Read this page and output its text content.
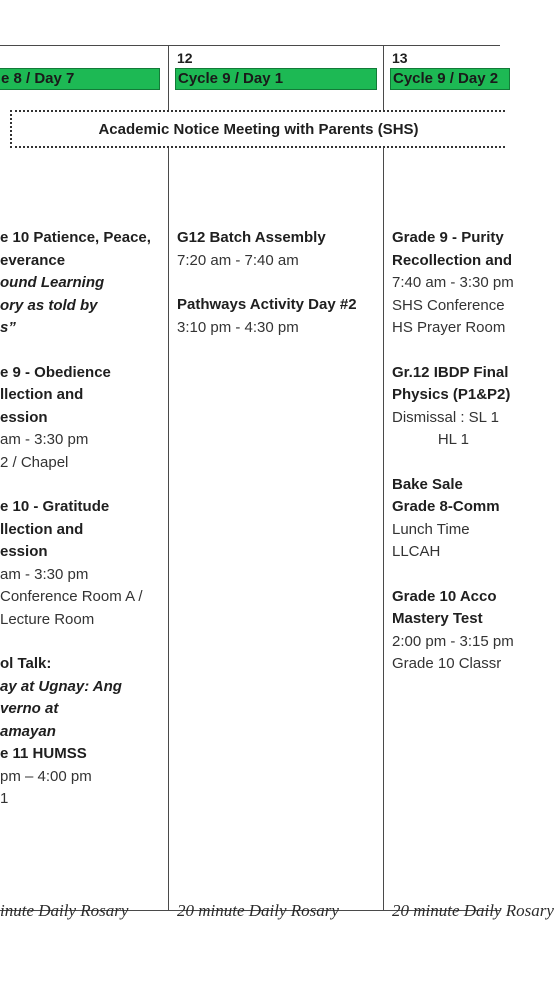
e 8 / Day 7
e 10 Patience, Peace,
everance
ound Learning
ory as told by
s”
e 9 - Obedience
llection and
ession
am - 3:30 pm
2 / Chapel
e 10 - Gratitude
llection and
ession
am - 3:30 pm
Conference Room A /
Lecture Room
ol Talk:
ay at Ugnay: Ang
verno at
amayan
e 11 HUMSS
pm – 4:00 pm
1
inute Daily Rosary
12
Cycle 9 / Day 1
G12 Batch Assembly
7:20 am - 7:40 am
Pathways Activity Day #2
3:10 pm - 4:30 pm
20 minute Daily Rosary
13
Cycle 9 / Day 2
Grade 9 - Purity
Recollection and
7:40 am - 3:30 pm
SHS Conference
HS Prayer Room
Gr.12 IBDP Final
Physics (P1&P2)
Dismissal : SL 1
HL 1
Bake Sale
Grade 8-Comm
Lunch Time
LLCAH
Grade 10 Acco
Mastery Test
2:00 pm - 3:15 pm
Grade 10 Classr
20 minute Daily Rosary
Academic Notice Meeting with Parents (SHS)
